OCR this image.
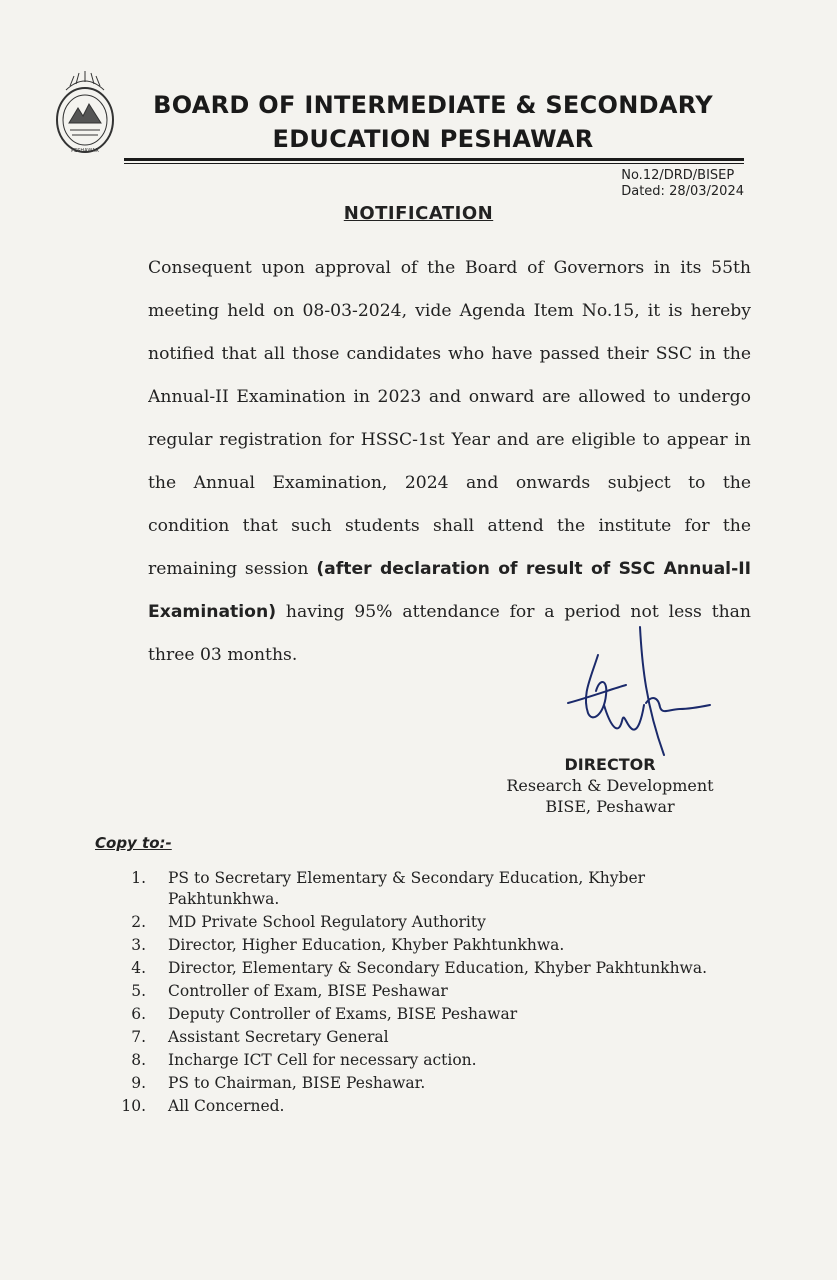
PESHAWAR
BOARD OF INTERMEDIATE & SECONDARY
EDUCATION PESHAWAR
No.12/DRD/BISEP
Dated: 28/03/2024
NOTIFICATION
Consequent upon approval of the Board of Governors in its 55th
meeting held on 08-03-2024, vide Agenda Item No.15, it is hereby
notified that all those candidates who have passed their SSC in the
Annual-II Examination in 2023 and onward are allowed to undergo
regular registration for HSSC-1st Year and are eligible to appear in
the Annual Examination, 2024 and onwards subject to the
condition that such students shall attend the institute for the
remaining session (after declaration of result of SSC Annual-II
Examination) having 95% attendance for a period not less than
three 03 months.
DIRECTOR
Research & Development
BISE, Peshawar
Copy to:-
1. PS to Secretary Elementary & Secondary Education, Khyber Pakhtunkhwa.
2. MD Private School Regulatory Authority
3. Director, Higher Education, Khyber Pakhtunkhwa.
4. Director, Elementary & Secondary Education, Khyber Pakhtunkhwa.
5. Controller of Exam, BISE Peshawar
6. Deputy Controller of Exams, BISE Peshawar
7. Assistant Secretary General
8. Incharge ICT Cell for necessary action.
9. PS to Chairman, BISE Peshawar.
10. All Concerned.
